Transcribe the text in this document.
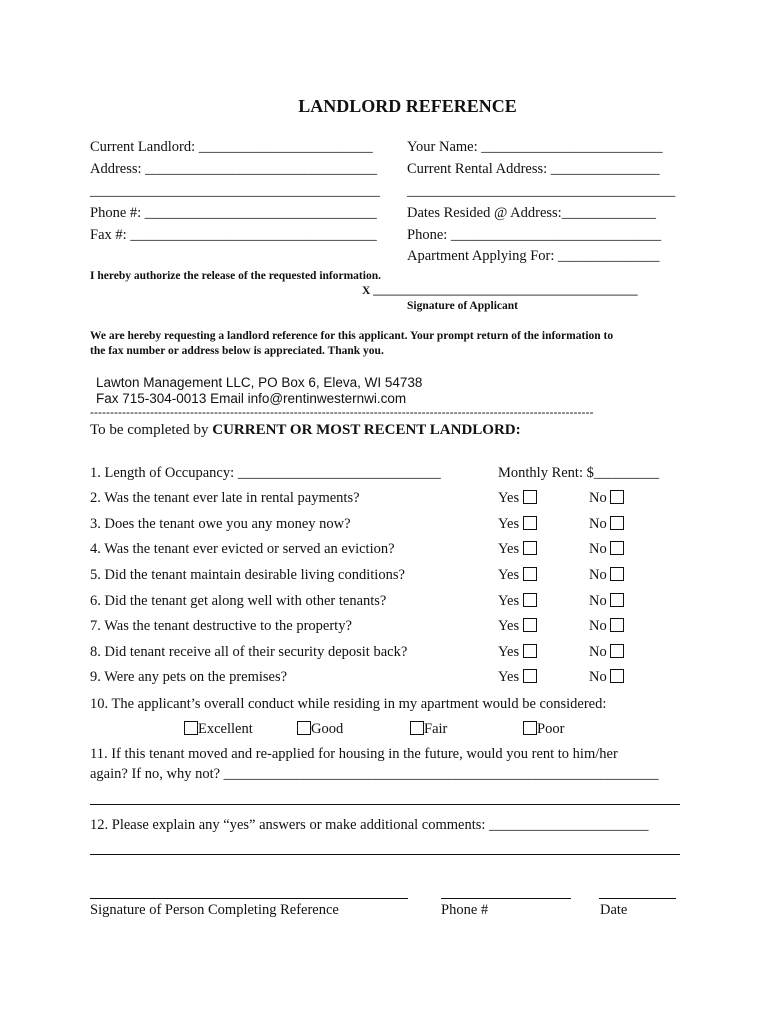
LANDLORD REFERENCE
Current Landlord: ________________________
Address: ________________________________
________________________________________
Phone #: ________________________________
Fax #: __________________________________
Your Name: _________________________
Current Rental Address: _______________
_____________________________________
Dates Resided @ Address:_____________
Phone: _____________________________
Apartment Applying For: ______________
I hereby authorize the release of the requested information.
X ______________________________________________
Signature of Applicant
We are hereby requesting a landlord reference for this applicant. Your prompt return of the information to
the fax number or address below is appreciated. Thank you.
Lawton Management LLC, PO Box 6, Eleva, WI 54738
Fax 715-304-0013 Email info@rentinwesternwi.com
------------------------------------------------------------------------------------------------------------------------------
To be completed by CURRENT OR MOST RECENT LANDLORD:
1. Length of Occupancy: ____________________________	Monthly Rent: $_________
2. Was the tenant ever late in rental payments?	Yes	No
3. Does the tenant owe you any money now?	Yes	No
4. Was the tenant ever evicted or served an eviction?	Yes	No
5. Did the tenant maintain desirable living conditions?	Yes	No
6. Did the tenant get along well with other tenants?	Yes	No
7. Was the tenant destructive to the property?	Yes	No
8. Did tenant receive all of their security deposit back?	Yes	No
9. Were any pets on the premises?	Yes	No
10. The applicant’s overall conduct while residing in my apartment would be considered:
Excellent	Good	Fair	Poor
11. If this tenant moved and re-applied for housing in the future, would you rent to him/her
again? If no, why not? ____________________________________________________________
12. Please explain any “yes” answers or make additional comments: ______________________
Signature of Person Completing Reference	Phone #	Date
